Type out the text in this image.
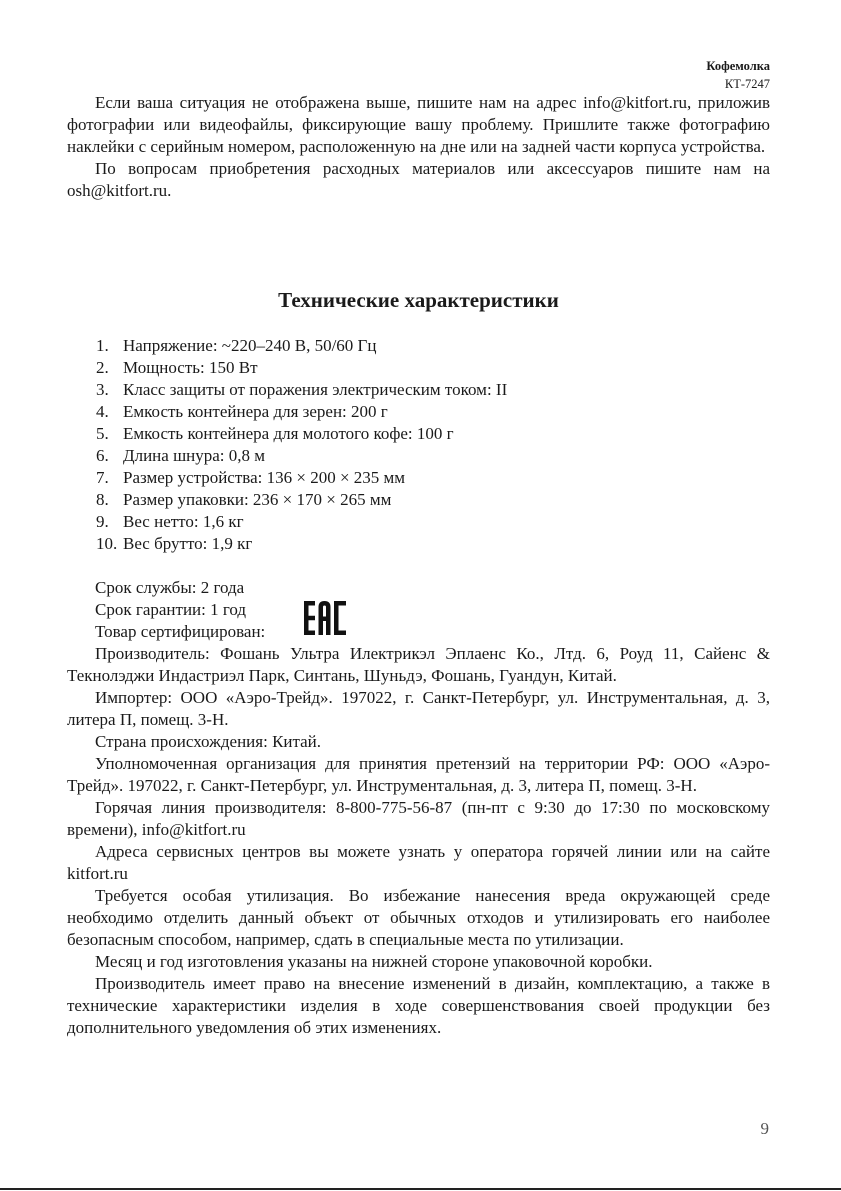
Кофемолка
КТ-7247

Если ваша ситуация не отображена выше, пишите нам на адрес info@kitfort.ru, приложив фотографии или видеофайлы, фиксирующие вашу проблему. Пришлите также фотографию наклейки с серийным номером, расположенную на дне или на задней части корпуса устройства.

По вопросам приобретения расходных материалов или аксессуаров пишите нам на osh@kitfort.ru.

Технические характеристики
1. Напряжение: ~220–240 В, 50/60 Гц
2. Мощность: 150 Вт
3. Класс защиты от поражения электрическим током: II
4. Емкость контейнера для зерен: 200 г
5. Емкость контейнера для молотого кофе: 100 г
6. Длина шнура: 0,8 м
7. Размер устройства: 136 × 200 × 235 мм
8. Размер упаковки: 236 × 170 × 265 мм
9. Вес нетто: 1,6 кг
10. Вес брутто: 1,9 кг
Срок службы: 2 года
Срок гарантии: 1 год
Товар сертифицирован:

Производитель: Фошань Ультра Илектрикэл Эплаенс Ко., Лтд. 6, Роуд 11, Сайенс & Текнолэджи Индастриэл Парк, Синтань, Шуньдэ, Фошань, Гуандун, Китай.

Импортер: ООО «Аэро-Трейд». 197022, г. Санкт-Петербург, ул. Инструментальная, д. 3, литера П, помещ. 3-Н.

Страна происхождения: Китай.

Уполномоченная организация для принятия претензий на территории РФ: ООО «Аэро-Трейд». 197022, г. Санкт-Петербург, ул. Инструментальная, д. 3, литера П, помещ. 3-Н.

Горячая линия производителя: 8-800-775-56-87 (пн-пт с 9:30 до 17:30 по московскому времени), info@kitfort.ru

Адреса сервисных центров вы можете узнать у оператора горячей линии или на сайте kitfort.ru

Требуется особая утилизация. Во избежание нанесения вреда окружающей среде необходимо отделить данный объект от обычных отходов и утилизировать его наиболее безопасным способом, например, сдать в специальные места по утилизации.

Месяц и год изготовления указаны на нижней стороне упаковочной коробки.

Производитель имеет право на внесение изменений в дизайн, комплектацию, а также в технические характеристики изделия в ходе совершенствования своей продукции без дополнительного уведомления об этих изменениях.

9
